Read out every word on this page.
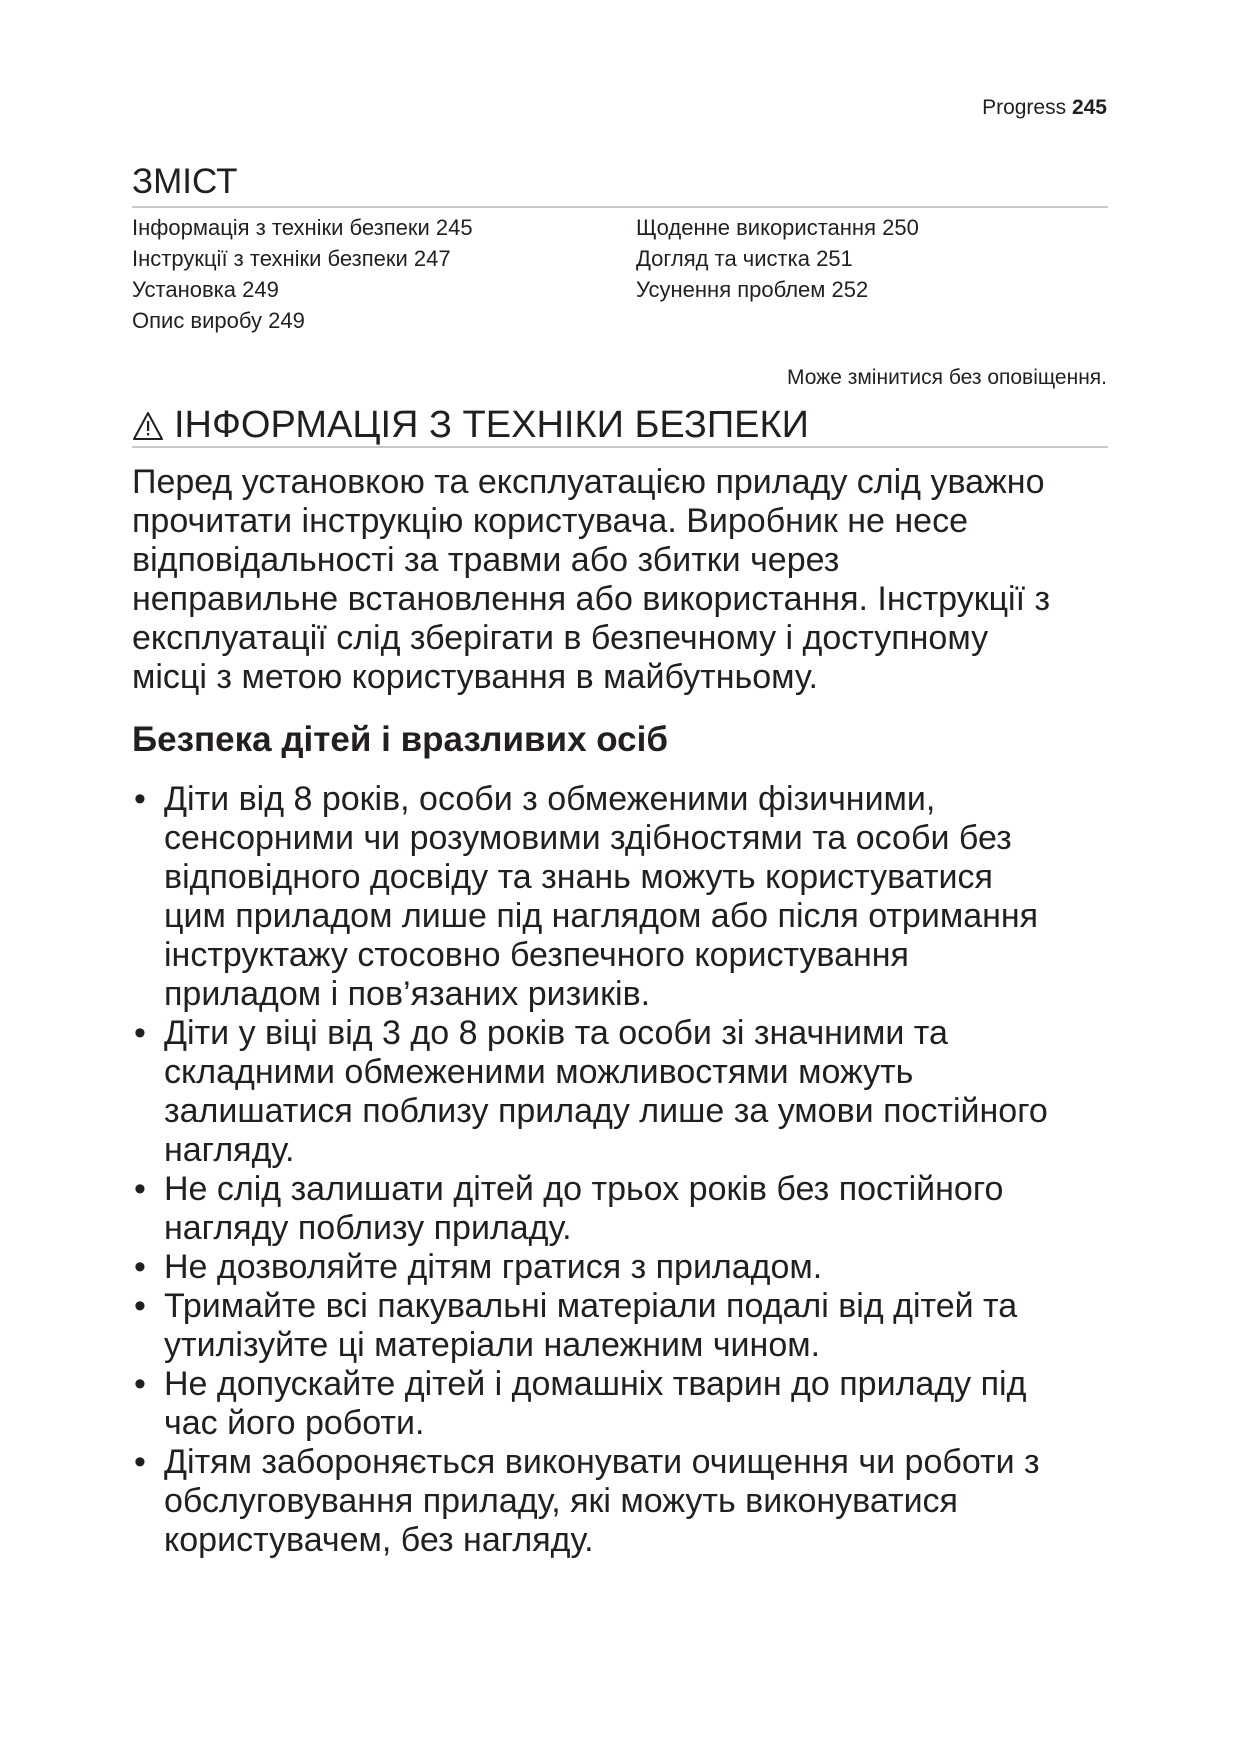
Progress 245
ЗМІСТ
Інформація з техніки безпеки 245
Інструкції з техніки безпеки 247
Установка 249
Опис виробу 249
Щоденне використання 250
Догляд та чистка 251
Усунення проблем 252
Може змінитися без оповіщення.
ІНФОРМАЦІЯ З ТЕХНІКИ БЕЗПЕКИ

Перед установкою та експлуатацією приладу слід уважно
прочитати інструкцію користувача. Виробник не несе
відповідальності за травми або збитки через
неправильне встановлення або використання. Інструкції з
експлуатації слід зберігати в безпечному і доступному
місці з метою користування в майбутньому.

Безпека дітей і вразливих осіб
• Діти від 8 років, особи з обмеженими фізичними,
сенсорними чи розумовими здібностями та особи без
відповідного досвіду та знань можуть користуватися
цим приладом лише під наглядом або після отримання
інструктажу стосовно безпечного користування
приладом і пов’язаних ризиків.
• Діти у віці від 3 до 8 років та особи зі значними та
складними обмеженими можливостями можуть
залишатися поблизу приладу лише за умови постійного
нагляду.
• Не слід залишати дітей до трьох років без постійного
нагляду поблизу приладу.
• Не дозволяйте дітям гратися з приладом.
• Тримайте всі пакувальні матеріали подалі від дітей та
утилізуйте ці матеріали належним чином.
• Не допускайте дітей і домашніх тварин до приладу під
час його роботи.
• Дітям забороняється виконувати очищення чи роботи з
обслуговування приладу, які можуть виконуватися
користувачем, без нагляду.
